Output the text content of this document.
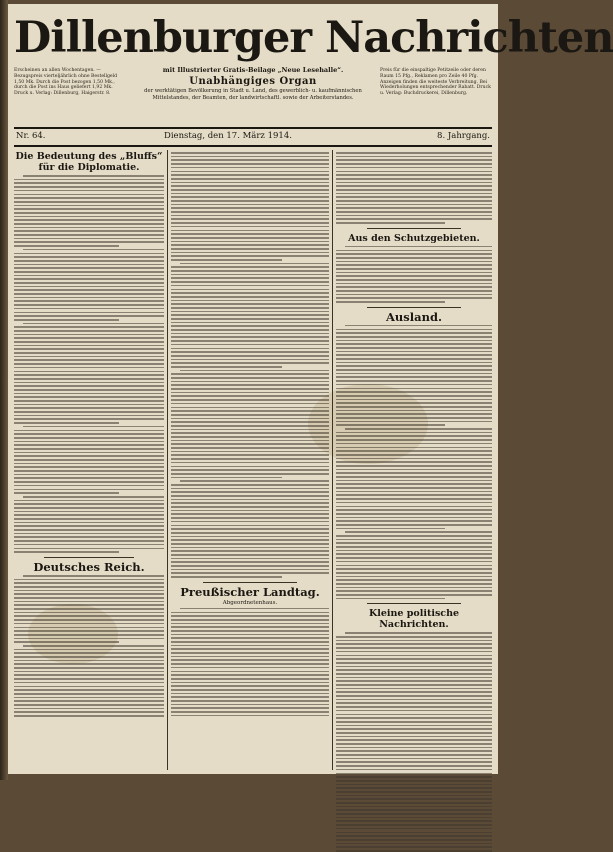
Dillenburger Nachrichten
Erscheinen an allen Wochentagen. — Bezugspreis vierteljährlich ohne Bestellgeld 1,50 Mk. Durch die Post bezogen 1,50 Mk., durch die Post ins Haus geliefert 1,92 Mk. Druck u. Verlag: Dillenburg, Haigerstr. 8.
Preis für die einspaltige Petitzeile oder deren Raum 15 Pfg., Reklamen pro Zeile 40 Pfg. Anzeigen finden die weiteste Verbreitung. Bei Wiederholungen entsprechender Rabatt. Druck u. Verlag: Buchdruckerei, Dillenburg.
mit Illustrierter Gratis-Beilage „Neue Lesehalle“.
Unabhängiges Organ
der werktätigen Bevölkerung in Stadt u. Land, des gewerblich- u. kaufmännischen Mittelstandes, der Beamten, der landwirtschaftl. sowie der Arbeiterstandes.
Nr. 64.	Dienstag, den 17. März 1914.	8. Jahrgang.
Die Bedeutung des „Bluffs“ für die Diplomatie.
Deutsches Reich.
Preußischer Landtag.
Abgeordnetenhaus.
Aus den Schutzgebieten.
Ausland.
Kleine politische Nachrichten.
